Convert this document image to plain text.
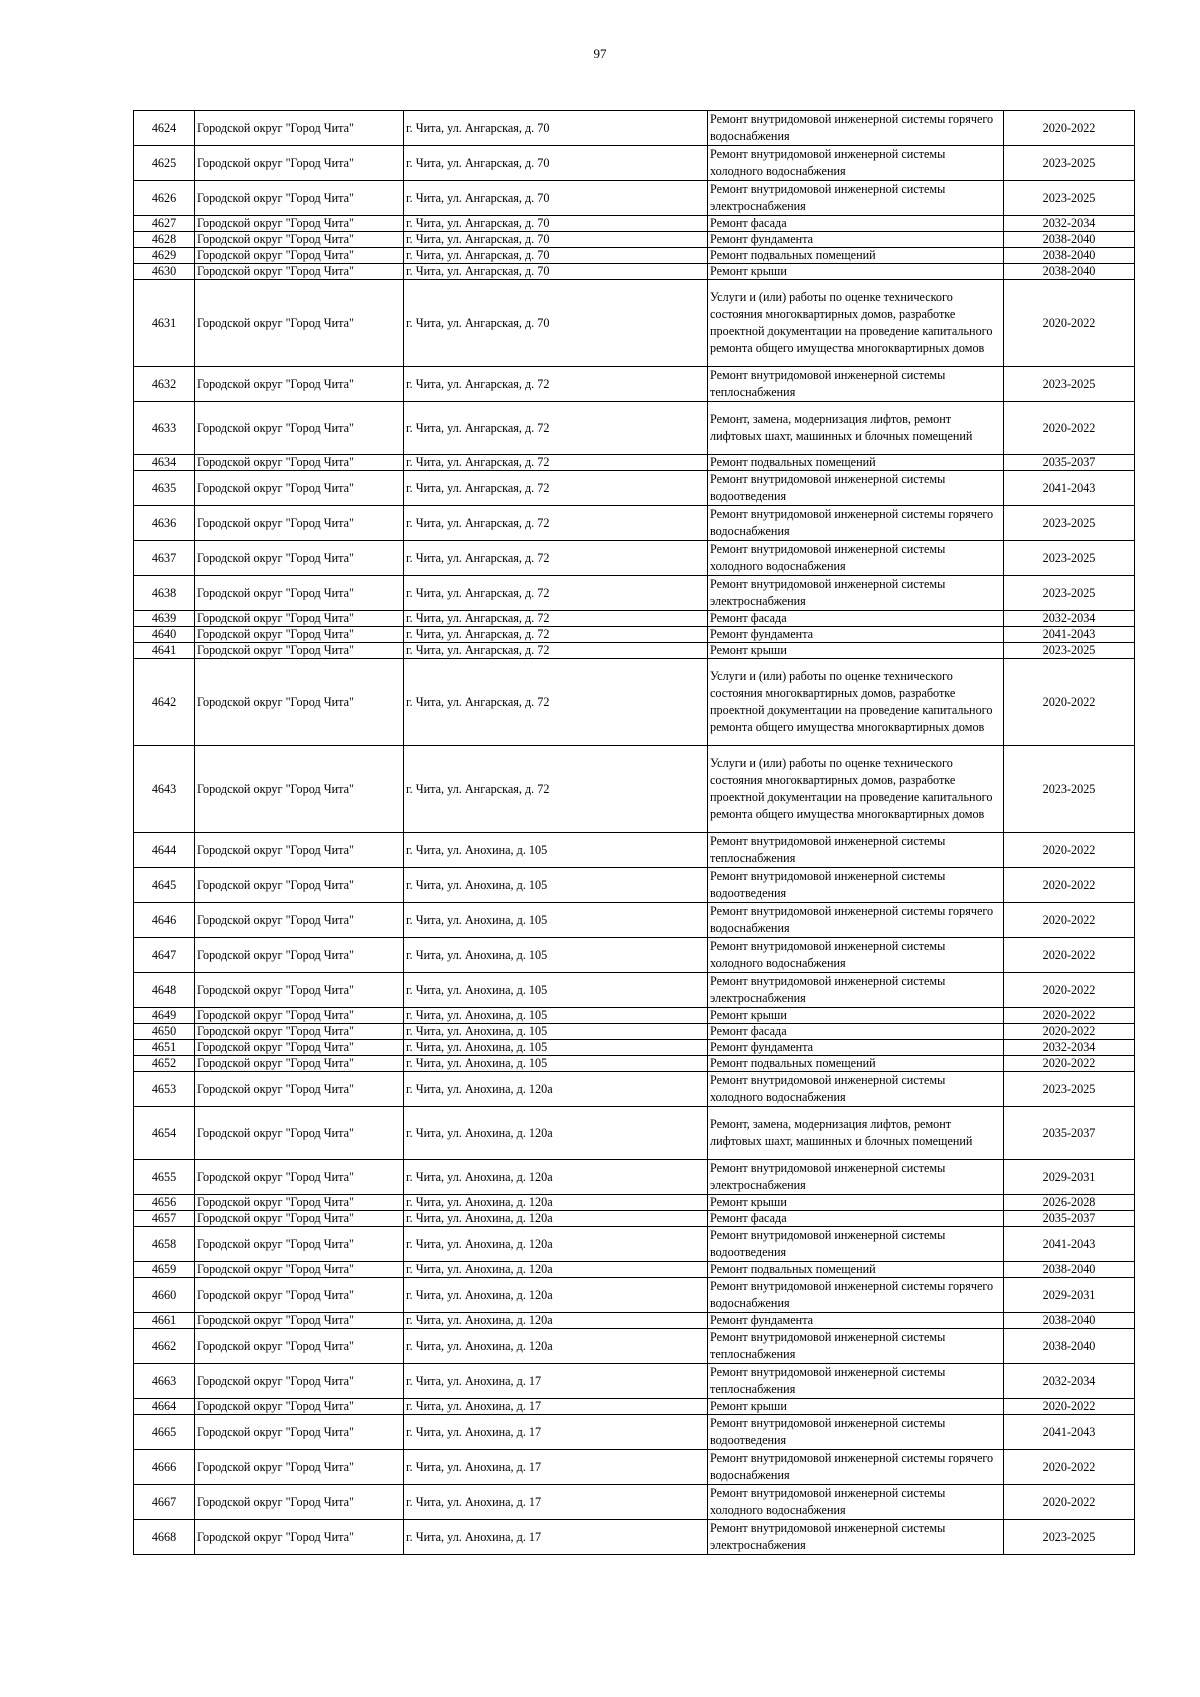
97
4624	Городской округ "Город Чита"	г. Чита, ул. Ангарская, д. 70	Ремонт внутридомовой инженерной системы горячего водоснабжения	2020-2022
4625	Городской округ "Город Чита"	г. Чита, ул. Ангарская, д. 70	Ремонт внутридомовой инженерной системы холодного водоснабжения	2023-2025
4626	Городской округ "Город Чита"	г. Чита, ул. Ангарская, д. 70	Ремонт внутридомовой инженерной системы электроснабжения	2023-2025
4627	Городской округ "Город Чита"	г. Чита, ул. Ангарская, д. 70	Ремонт фасада	2032-2034
4628	Городской округ "Город Чита"	г. Чита, ул. Ангарская, д. 70	Ремонт фундамента	2038-2040
4629	Городской округ "Город Чита"	г. Чита, ул. Ангарская, д. 70	Ремонт подвальных помещений	2038-2040
4630	Городской округ "Город Чита"	г. Чита, ул. Ангарская, д. 70	Ремонт крыши	2038-2040
4631	Городской округ "Город Чита"	г. Чита, ул. Ангарская, д. 70	Услуги и (или) работы по оценке технического состояния многоквартирных домов, разработке проектной документации на проведение капитального ремонта общего имущества многоквартирных домов	2020-2022
4632	Городской округ "Город Чита"	г. Чита, ул. Ангарская, д. 72	Ремонт внутридомовой инженерной системы теплоснабжения	2023-2025
4633	Городской округ "Город Чита"	г. Чита, ул. Ангарская, д. 72	Ремонт, замена, модернизация лифтов, ремонт лифтовых шахт, машинных и блочных помещений	2020-2022
4634	Городской округ "Город Чита"	г. Чита, ул. Ангарская, д. 72	Ремонт подвальных помещений	2035-2037
4635	Городской округ "Город Чита"	г. Чита, ул. Ангарская, д. 72	Ремонт внутридомовой инженерной системы водоотведения	2041-2043
4636	Городской округ "Город Чита"	г. Чита, ул. Ангарская, д. 72	Ремонт внутридомовой инженерной системы горячего водоснабжения	2023-2025
4637	Городской округ "Город Чита"	г. Чита, ул. Ангарская, д. 72	Ремонт внутридомовой инженерной системы холодного водоснабжения	2023-2025
4638	Городской округ "Город Чита"	г. Чита, ул. Ангарская, д. 72	Ремонт внутридомовой инженерной системы электроснабжения	2023-2025
4639	Городской округ "Город Чита"	г. Чита, ул. Ангарская, д. 72	Ремонт фасада	2032-2034
4640	Городской округ "Город Чита"	г. Чита, ул. Ангарская, д. 72	Ремонт фундамента	2041-2043
4641	Городской округ "Город Чита"	г. Чита, ул. Ангарская, д. 72	Ремонт крыши	2023-2025
4642	Городской округ "Город Чита"	г. Чита, ул. Ангарская, д. 72	Услуги и (или) работы по оценке технического состояния многоквартирных домов, разработке проектной документации на проведение капитального ремонта общего имущества многоквартирных домов	2020-2022
4643	Городской округ "Город Чита"	г. Чита, ул. Ангарская, д. 72	Услуги и (или) работы по оценке технического состояния многоквартирных домов, разработке проектной документации на проведение капитального ремонта общего имущества многоквартирных домов	2023-2025
4644	Городской округ "Город Чита"	г. Чита, ул. Анохина, д. 105	Ремонт внутридомовой инженерной системы теплоснабжения	2020-2022
4645	Городской округ "Город Чита"	г. Чита, ул. Анохина, д. 105	Ремонт внутридомовой инженерной системы водоотведения	2020-2022
4646	Городской округ "Город Чита"	г. Чита, ул. Анохина, д. 105	Ремонт внутридомовой инженерной системы горячего водоснабжения	2020-2022
4647	Городской округ "Город Чита"	г. Чита, ул. Анохина, д. 105	Ремонт внутридомовой инженерной системы холодного водоснабжения	2020-2022
4648	Городской округ "Город Чита"	г. Чита, ул. Анохина, д. 105	Ремонт внутридомовой инженерной системы электроснабжения	2020-2022
4649	Городской округ "Город Чита"	г. Чита, ул. Анохина, д. 105	Ремонт крыши	2020-2022
4650	Городской округ "Город Чита"	г. Чита, ул. Анохина, д. 105	Ремонт фасада	2020-2022
4651	Городской округ "Город Чита"	г. Чита, ул. Анохина, д. 105	Ремонт фундамента	2032-2034
4652	Городской округ "Город Чита"	г. Чита, ул. Анохина, д. 105	Ремонт подвальных помещений	2020-2022
4653	Городской округ "Город Чита"	г. Чита, ул. Анохина, д. 120а	Ремонт внутридомовой инженерной системы холодного водоснабжения	2023-2025
4654	Городской округ "Город Чита"	г. Чита, ул. Анохина, д. 120а	Ремонт, замена, модернизация лифтов, ремонт лифтовых шахт, машинных и блочных помещений	2035-2037
4655	Городской округ "Город Чита"	г. Чита, ул. Анохина, д. 120а	Ремонт внутридомовой инженерной системы электроснабжения	2029-2031
4656	Городской округ "Город Чита"	г. Чита, ул. Анохина, д. 120а	Ремонт крыши	2026-2028
4657	Городской округ "Город Чита"	г. Чита, ул. Анохина, д. 120а	Ремонт фасада	2035-2037
4658	Городской округ "Город Чита"	г. Чита, ул. Анохина, д. 120а	Ремонт внутридомовой инженерной системы водоотведения	2041-2043
4659	Городской округ "Город Чита"	г. Чита, ул. Анохина, д. 120а	Ремонт подвальных помещений	2038-2040
4660	Городской округ "Город Чита"	г. Чита, ул. Анохина, д. 120а	Ремонт внутридомовой инженерной системы горячего водоснабжения	2029-2031
4661	Городской округ "Город Чита"	г. Чита, ул. Анохина, д. 120а	Ремонт фундамента	2038-2040
4662	Городской округ "Город Чита"	г. Чита, ул. Анохина, д. 120а	Ремонт внутридомовой инженерной системы теплоснабжения	2038-2040
4663	Городской округ "Город Чита"	г. Чита, ул. Анохина, д. 17	Ремонт внутридомовой инженерной системы теплоснабжения	2032-2034
4664	Городской округ "Город Чита"	г. Чита, ул. Анохина, д. 17	Ремонт крыши	2020-2022
4665	Городской округ "Город Чита"	г. Чита, ул. Анохина, д. 17	Ремонт внутридомовой инженерной системы водоотведения	2041-2043
4666	Городской округ "Город Чита"	г. Чита, ул. Анохина, д. 17	Ремонт внутридомовой инженерной системы горячего водоснабжения	2020-2022
4667	Городской округ "Город Чита"	г. Чита, ул. Анохина, д. 17	Ремонт внутридомовой инженерной системы холодного водоснабжения	2020-2022
4668	Городской округ "Город Чита"	г. Чита, ул. Анохина, д. 17	Ремонт внутридомовой инженерной системы электроснабжения	2023-2025
